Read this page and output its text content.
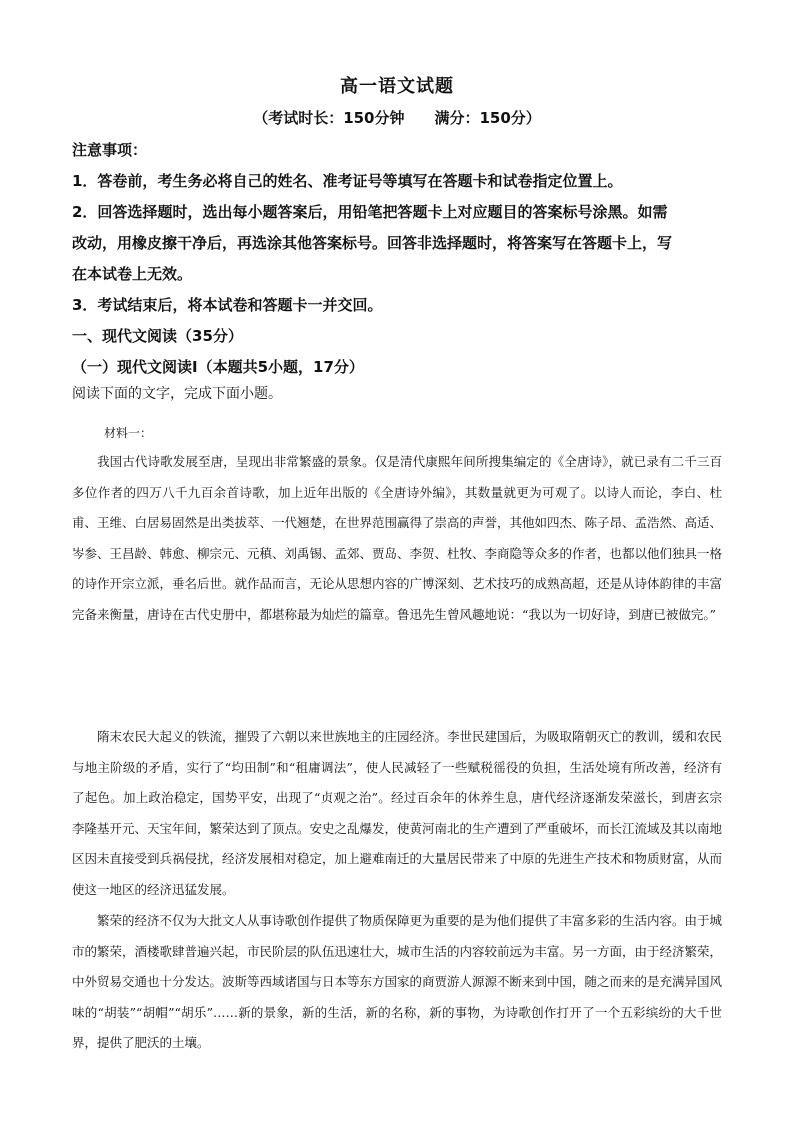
高一语文试题
（考试时长：150分钟　　满分：150分）
注意事项：
1．答卷前，考生务必将自己的姓名、准考证号等填写在答题卡和试卷指定位置上。
2．回答选择题时，选出每小题答案后，用铅笔把答题卡上对应题目的答案标号涂黑。如需
改动，用橡皮擦干净后，再选涂其他答案标号。回答非选择题时，将答案写在答题卡上，写
在本试卷上无效。
3．考试结束后，将本试卷和答题卡一并交回。
一、现代文阅读（35分）
（一）现代文阅读Ⅰ（本题共5小题，17分）
阅读下面的文字，完成下面小题。
材料一：

我国古代诗歌发展至唐，呈现出非常繁盛的景象。仅是清代康熙年间所搜集编定的《全唐诗》，就已录有二千三百多位作者的四万八千九百余首诗歌，加上近年出版的《全唐诗外编》，其数量就更为可观了。以诗人而论，李白、杜甫、王维、白居易固然是出类拔萃、一代翘楚，在世界范围赢得了崇高的声誉，其他如四杰、陈子昂、孟浩然、高适、岑参、王昌龄、韩愈、柳宗元、元稹、刘禹锡、孟郊、贾岛、李贺、杜牧、李商隐等众多的作者，也都以他们独具一格的诗作开宗立派，垂名后世。就作品而言，无论从思想内容的广博深刻、艺术技巧的成熟高超，还是从诗体韵律的丰富完备来衡量，唐诗在古代史册中，都堪称最为灿烂的篇章。鲁迅先生曾风趣地说：“我以为一切好诗，到唐已被做完。”

隋末农民大起义的铁流，摧毁了六朝以来世族地主的庄园经济。李世民建国后，为吸取隋朝灭亡的教训，缓和农民与地主阶级的矛盾，实行了“均田制”和“租庸调法”，使人民减轻了一些赋税徭役的负担，生活处境有所改善，经济有了起色。加上政治稳定，国势平安，出现了“贞观之治”。经过百余年的休养生息，唐代经济逐渐发荣滋长，到唐玄宗李隆基开元、天宝年间，繁荣达到了顶点。安史之乱爆发，使黄河南北的生产遭到了严重破坏，而长江流域及其以南地区因未直接受到兵祸侵扰，经济发展相对稳定，加上避难南迁的大量居民带来了中原的先进生产技术和物质财富，从而使这一地区的经济迅猛发展。

繁荣的经济不仅为大批文人从事诗歌创作提供了物质保障更为重要的是为他们提供了丰富多彩的生活内容。由于城市的繁荣，酒楼歌肆普遍兴起，市民阶层的队伍迅速壮大，城市生活的内容较前远为丰富。另一方面，由于经济繁荣，中外贸易交通也十分发达。波斯等西域诸国与日本等东方国家的商贾游人源源不断来到中国，随之而来的是充满异国风味的“胡装”“胡帽”“胡乐”……新的景象，新的生活，新的名称，新的事物，为诗歌创作打开了一个五彩缤纷的大千世界，提供了肥沃的土壤。
